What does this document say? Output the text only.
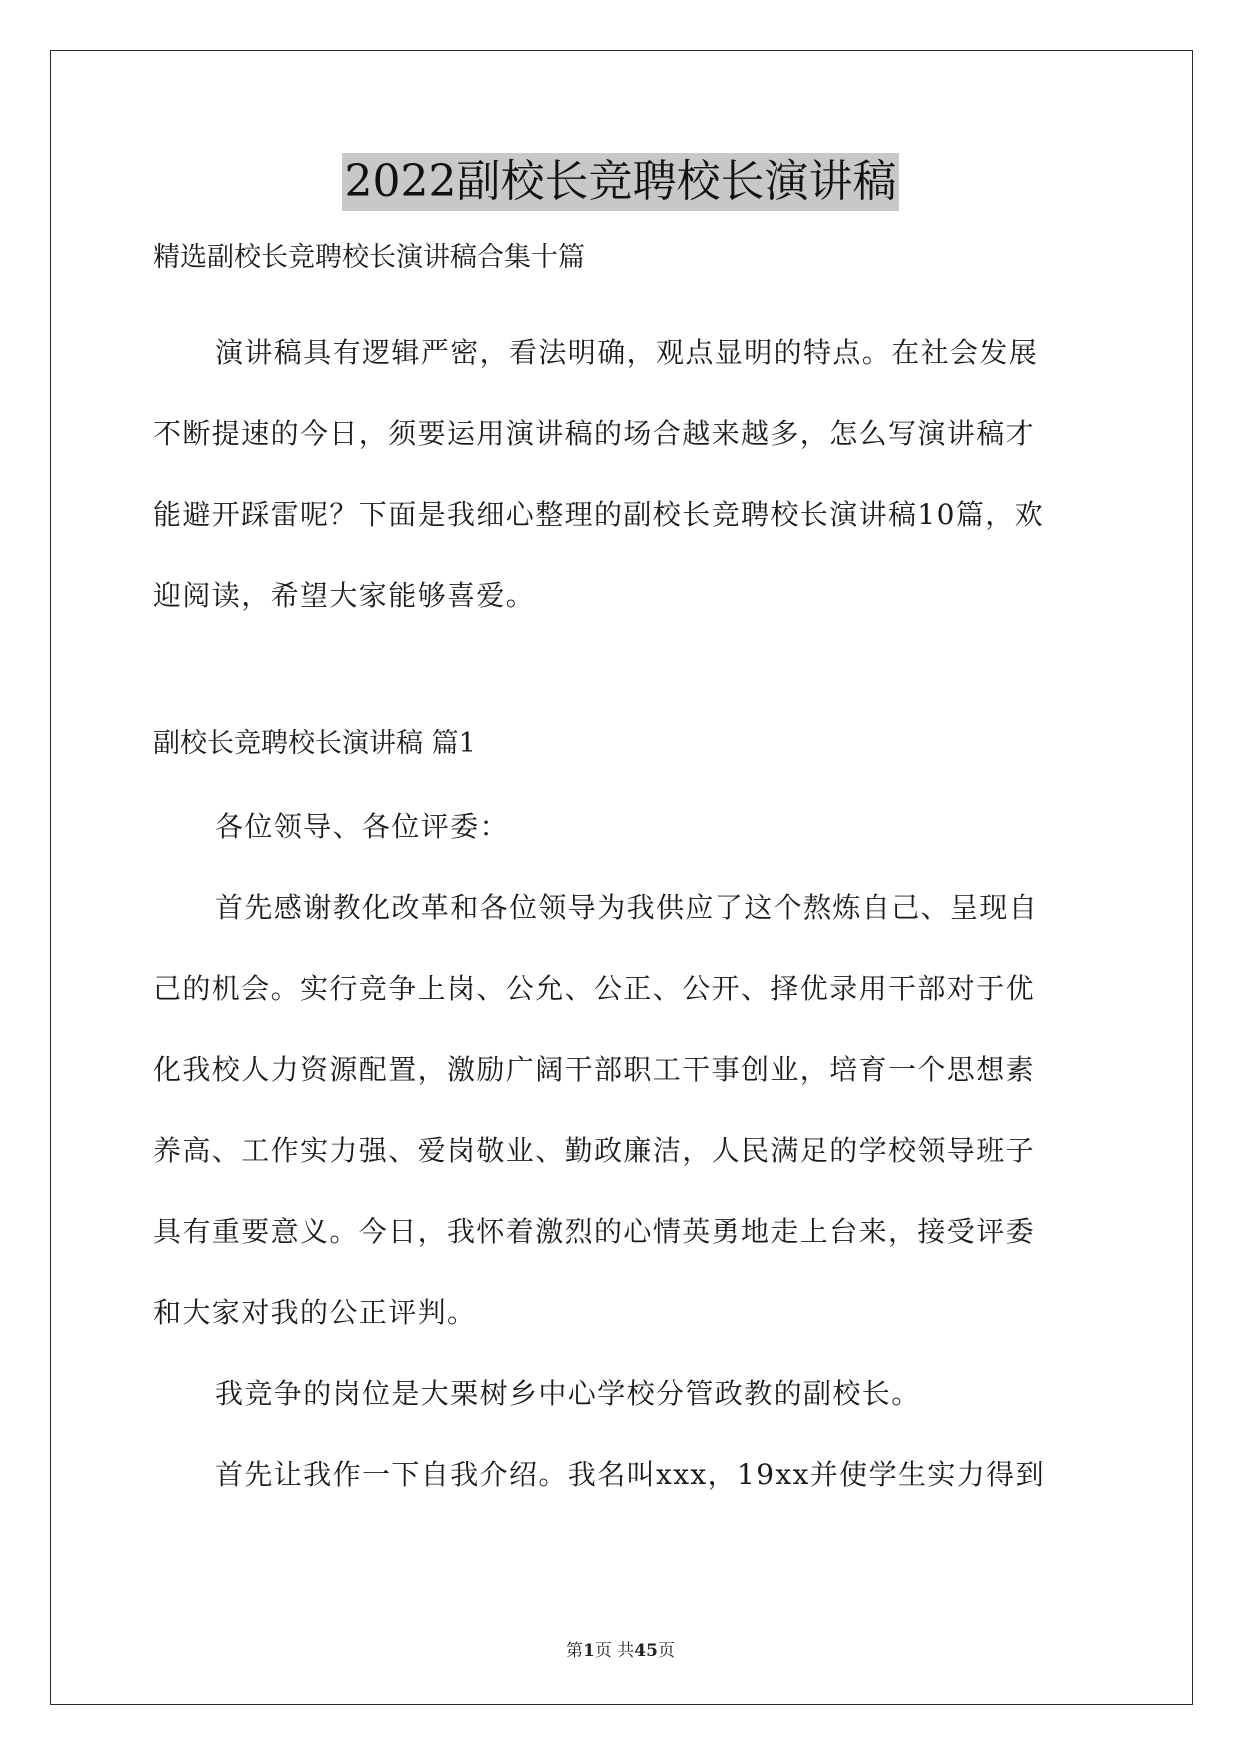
2022副校长竞聘校长演讲稿
精选副校长竞聘校长演讲稿合集十篇
演讲稿具有逻辑严密，看法明确，观点显明的特点。在社会发展
不断提速的今日，须要运用演讲稿的场合越来越多，怎么写演讲稿才
能避开踩雷呢？下面是我细心整理的副校长竞聘校长演讲稿10篇，欢
迎阅读，希望大家能够喜爱。
副校长竞聘校长演讲稿 篇1
各位领导、各位评委：
首先感谢教化改革和各位领导为我供应了这个熬炼自己、呈现自
己的机会。实行竞争上岗、公允、公正、公开、择优录用干部对于优
化我校人力资源配置，激励广阔干部职工干事创业，培育一个思想素
养高、工作实力强、爱岗敬业、勤政廉洁，人民满足的学校领导班子
具有重要意义。今日，我怀着激烈的心情英勇地走上台来，接受评委
和大家对我的公正评判。
我竞争的岗位是大栗树乡中心学校分管政教的副校长。
首先让我作一下自我介绍。我名叫xxx，19xx并使学生实力得到
第1页 共45页
